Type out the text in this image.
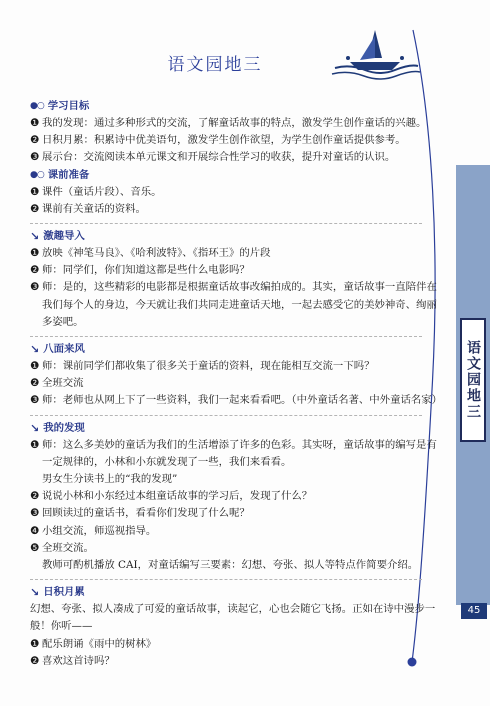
语文园地三
语文园地三
45
●○ 学习目标
❶ 我的发现：通过多种形式的交流，了解童话故事的特点，激发学生创作童话的兴趣。
❷ 日积月累：积累诗中优美语句，激发学生创作欲望，为学生创作童话提供参考。
❸ 展示台：交流阅读本单元课文和开展综合性学习的收获，提升对童话的认识。
●○ 课前准备
❶ 课件（童话片段）、音乐。
❷ 课前有关童话的资料。
↘ 激趣导入
❶ 放映《神笔马良》、《哈利波特》、《指环王》的片段
❷ 师：同学们，你们知道这都是些什么电影吗？
❸ 师：是的，这些精彩的电影都是根据童话故事改编拍成的。其实，童话故事一直陪伴在
我们每个人的身边，今天就让我们共同走进童话天地，一起去感受它的美妙神奇、绚丽
多姿吧。
↘ 八面来风
❶ 师：课前同学们都收集了很多关于童话的资料，现在能相互交流一下吗？
❷ 全班交流
❸ 师：老师也从网上下了一些资料，我们一起来看看吧。（中外童话名著、中外童话名家）
↘ 我的发现
❶ 师：这么多美妙的童话为我们的生活增添了许多的色彩。其实呀，童话故事的编写是有
一定规律的，小林和小东就发现了一些，我们来看看。
男女生分读书上的“我的发现”
❷ 说说小林和小东经过本组童话故事的学习后，发现了什么？
❸ 回顾读过的童话书，看看你们发现了什么呢？
❹ 小组交流，师巡视指导。
❺ 全班交流。
教师可酌机播放 CAI，对童话编写三要素：幻想、夸张、拟人等特点作简要介绍。
↘ 日积月累
幻想、夸张、拟人凑成了可爱的童话故事，读起它，心也会随它飞扬。正如在诗中漫步一
般！你听——
❶ 配乐朗诵《雨中的树林》
❷ 喜欢这首诗吗？
